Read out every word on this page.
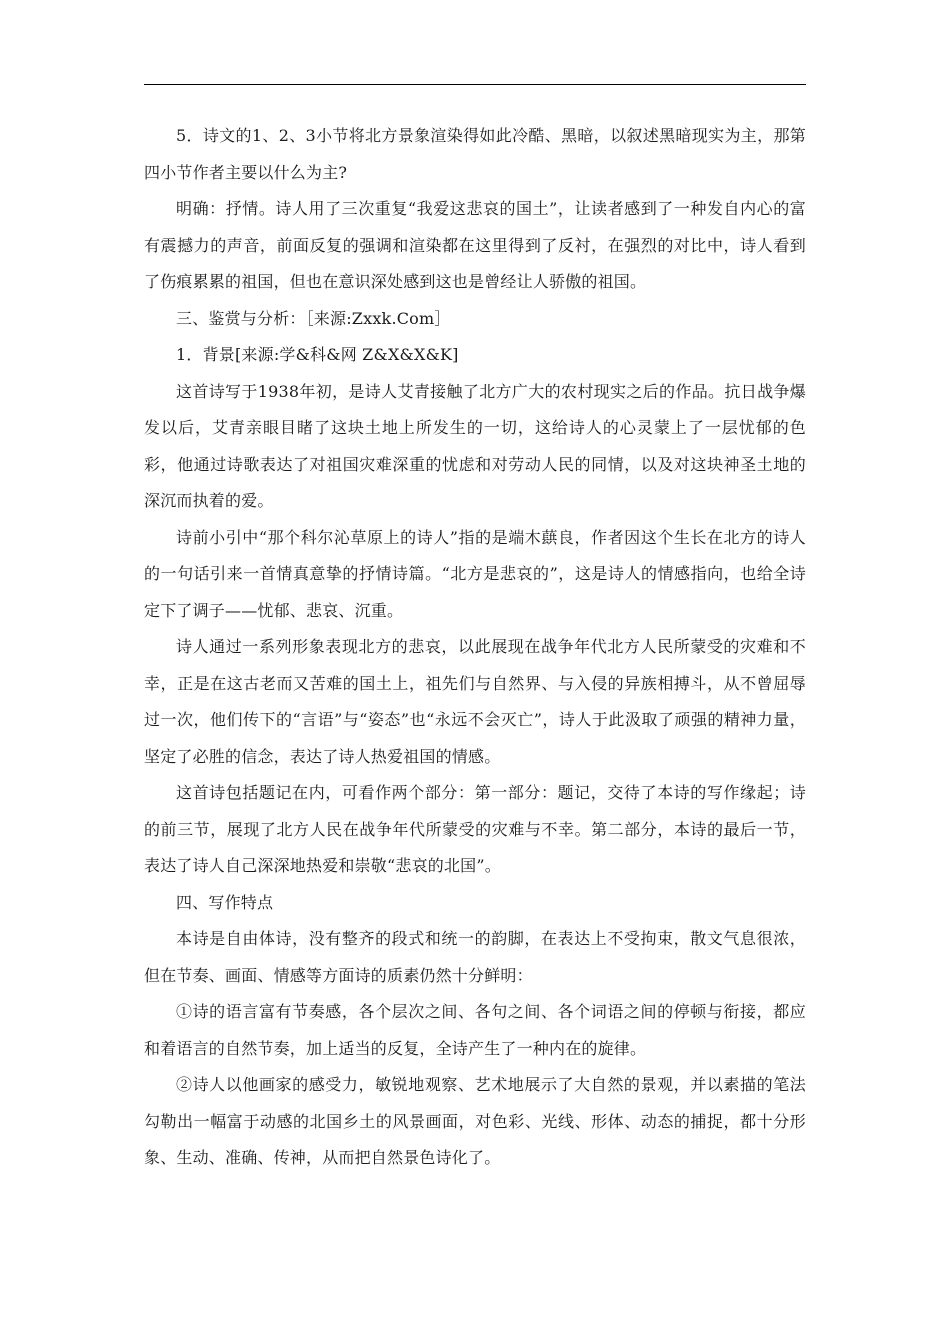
5．诗文的1、2、3小节将北方景象渲染得如此冷酷、黑暗，以叙述黑暗现实为主，那第四小节作者主要以什么为主?

明确：抒情。诗人用了三次重复“我爱这悲哀的国土”，让读者感到了一种发自内心的富有震撼力的声音，前面反复的强调和渲染都在这里得到了反衬，在强烈的对比中，诗人看到了伤痕累累的祖国，但也在意识深处感到这也是曾经让人骄傲的祖国。

三、鉴赏与分析：［来源:Zxxk.Com］

1．背景[来源:学&科&网 Z&X&X&K]

这首诗写于1938年初，是诗人艾青接触了北方广大的农村现实之后的作品。抗日战争爆发以后，艾青亲眼目睹了这块土地上所发生的一切，这给诗人的心灵蒙上了一层忧郁的色彩，他通过诗歌表达了对祖国灾难深重的忧虑和对劳动人民的同情，以及对这块神圣土地的深沉而执着的爱。

诗前小引中“那个科尔沁草原上的诗人”指的是端木蕻良，作者因这个生长在北方的诗人的一句话引来一首情真意挚的抒情诗篇。“北方是悲哀的”，这是诗人的情感指向，也给全诗定下了调子——忧郁、悲哀、沉重。

诗人通过一系列形象表现北方的悲哀，以此展现在战争年代北方人民所蒙受的灾难和不幸，正是在这古老而又苦难的国土上，祖先们与自然界、与入侵的异族相搏斗，从不曾屈辱过一次，他们传下的“言语”与“姿态”也“永远不会灭亡”，诗人于此汲取了顽强的精神力量，坚定了必胜的信念，表达了诗人热爱祖国的情感。

这首诗包括题记在内，可看作两个部分：第一部分：题记，交待了本诗的写作缘起；诗的前三节，展现了北方人民在战争年代所蒙受的灾难与不幸。第二部分，本诗的最后一节，表达了诗人自己深深地热爱和崇敬“悲哀的北国”。

四、写作特点

本诗是自由体诗，没有整齐的段式和统一的韵脚，在表达上不受拘束，散文气息很浓，但在节奏、画面、情感等方面诗的质素仍然十分鲜明：

①诗的语言富有节奏感，各个层次之间、各句之间、各个词语之间的停顿与衔接，都应和着语言的自然节奏，加上适当的反复，全诗产生了一种内在的旋律。

②诗人以他画家的感受力，敏锐地观察、艺术地展示了大自然的景观，并以素描的笔法勾勒出一幅富于动感的北国乡土的风景画面，对色彩、光线、形体、动态的捕捉，都十分形象、生动、准确、传神，从而把自然景色诗化了。
